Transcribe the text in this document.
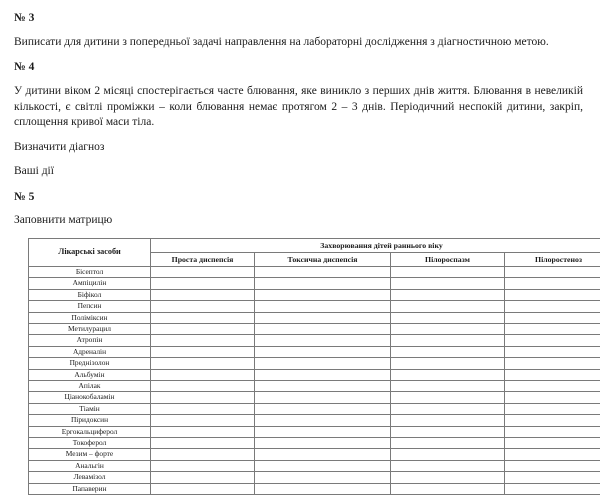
№ 3
Виписати для дитини з попередньої задачі направлення на лабораторні дослідження з діагностичною метою.
№ 4
У дитини віком 2 місяці спостерігається часте блювання, яке виникло з перших днів життя. Блювання в невеликій кількості, є світлі проміжки – коли блювання немає протягом 2 – 3 днів. Періодичний неспокій дитини, закріп, сплощення кривої маси тіла.
Визначити діагноз
Ваші дії
№ 5
Заповнити матрицю
Лікарські засоби	Захворювання дітей раннього віку			
	Проста диспепсія	Токсична диспепсія	Пілороспазм	Пілоростеноз
Бісептол				
Ампіцилін				
Біфікол				
Пепсин				
Поліміксин				
Метилурацил				
Атропін				
Адреналін				
Преднізолон				
Альбумін				
Апілак				
Ціанокобаламін				
Тіамін				
Піридоксин				
Ергокальциферол				
Токоферол				
Мезим – форте				
Анальгін				
Левамізол				
Папаверин				
